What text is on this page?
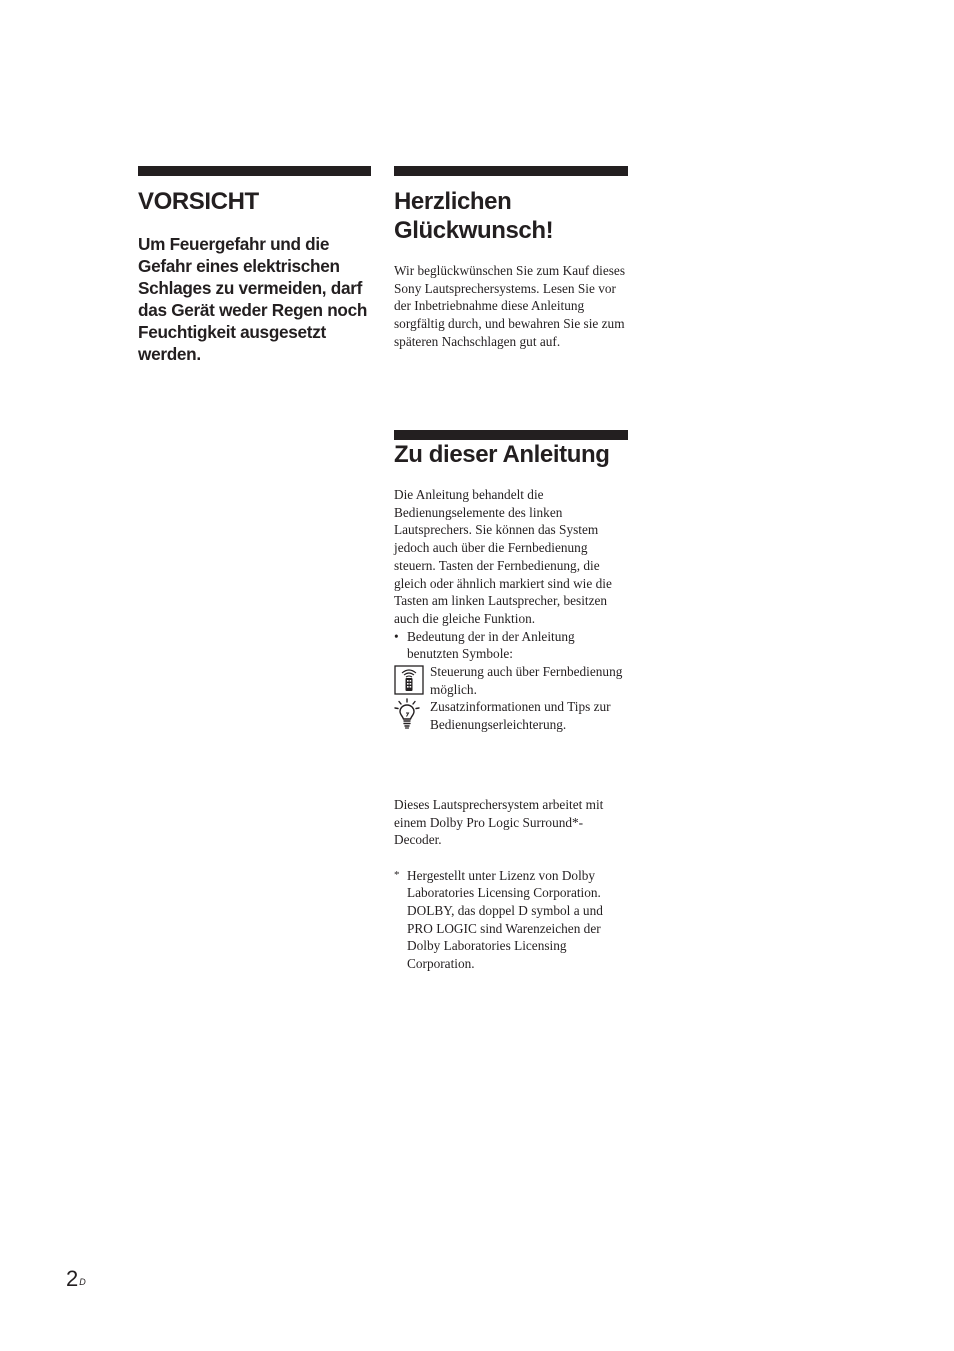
VORSICHT
Um Feuergefahr und die Gefahr eines elektrischen Schlages zu vermeiden, darf das Gerät weder Regen noch Feuchtigkeit ausgesetzt werden.
Herzlichen
Glückwunsch!

Wir beglückwünschen Sie zum Kauf dieses Sony Lautsprechersystems. Lesen Sie vor der Inbetriebnahme diese Anleitung sorgfältig durch, und bewahren Sie sie zum späteren Nachschlagen gut auf.

Zu dieser Anleitung

Die Anleitung behandelt die Bedienungselemente des linken Lautsprechers. Sie können das System jedoch auch über die Fernbedienung steuern. Tasten der Fernbedienung, die gleich oder ähnlich markiert sind wie die Tasten am linken Lautsprecher, besitzen auch die gleiche Funktion.

• Bedeutung der in der Anleitung benutzten Symbole:
Steuerung auch über Fernbedienung möglich.
Zusatzinformationen und Tips zur Bedienungserleichterung.

Dieses Lautsprechersystem arbeitet mit einem Dolby Pro Logic Surround*-Decoder.

* Hergestellt unter Lizenz von Dolby Laboratories Licensing Corporation. DOLBY, das doppel D symbol a und PRO LOGIC sind Warenzeichen der Dolby Laboratories Licensing Corporation.
$2^D$
